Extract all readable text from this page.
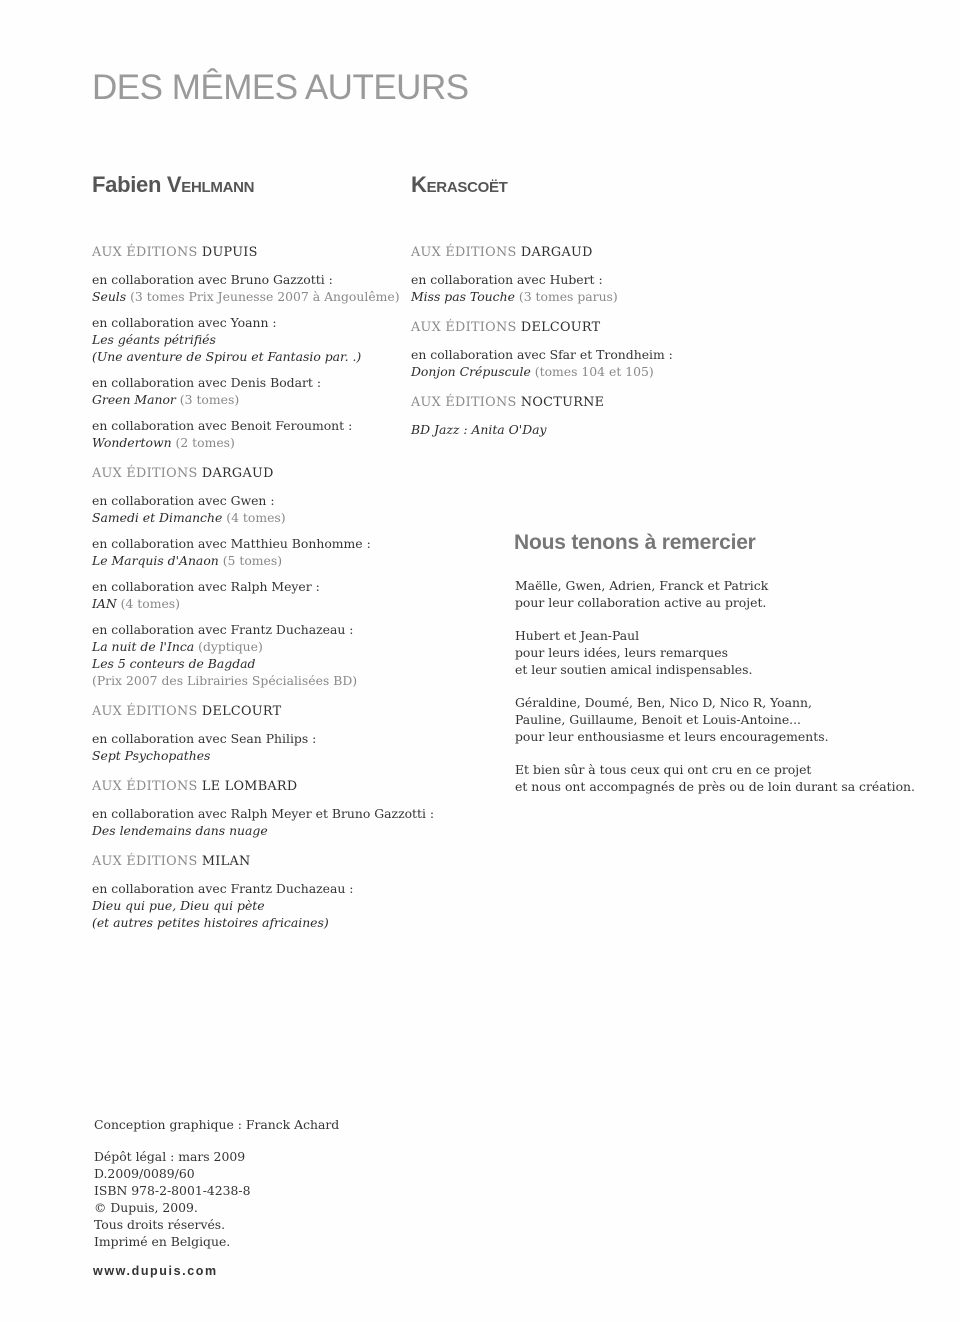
DES MÊMES AUTEURS
Fabien Vehlmann
AUX ÉDITIONS DUPUIS
en collaboration avec Bruno Gazzotti :
Seuls (3 tomes Prix Jeunesse 2007 à Angoulême)
en collaboration avec Yoann :
Les géants pétrifiés
(Une aventure de Spirou et Fantasio par. .)
en collaboration avec Denis Bodart :
Green Manor (3 tomes)
en collaboration avec Benoit Feroumont :
Wondertown (2 tomes)
AUX ÉDITIONS DARGAUD
en collaboration avec Gwen :
Samedi et Dimanche (4 tomes)
en collaboration avec Matthieu Bonhomme :
Le Marquis d'Anaon (5 tomes)
en collaboration avec Ralph Meyer :
IAN (4 tomes)
en collaboration avec Frantz Duchazeau :
La nuit de l'Inca (dyptique)
Les 5 conteurs de Bagdad
(Prix 2007 des Librairies Spécialisées BD)
AUX ÉDITIONS DELCOURT
en collaboration avec Sean Philips :
Sept Psychopathes
AUX ÉDITIONS LE LOMBARD
en collaboration avec Ralph Meyer et Bruno Gazzotti :
Des lendemains dans nuage
AUX ÉDITIONS MILAN
en collaboration avec Frantz Duchazeau :
Dieu qui pue, Dieu qui pète
(et autres petites histoires africaines)
Kerascoët
AUX ÉDITIONS DARGAUD
en collaboration avec Hubert :
Miss pas Touche (3 tomes parus)
AUX ÉDITIONS DELCOURT
en collaboration avec Sfar et Trondheim :
Donjon Crépuscule (tomes 104 et 105)
AUX ÉDITIONS NOCTURNE
BD Jazz : Anita O'Day
Nous tenons à remercier

Maëlle, Gwen, Adrien, Franck et Patrick
pour leur collaboration active au projet.

Hubert et Jean-Paul
pour leurs idées, leurs remarques
et leur soutien amical indispensables.

Géraldine, Doumé, Ben, Nico D, Nico R, Yoann,
Pauline, Guillaume, Benoit et Louis-Antoine...
pour leur enthousiasme et leurs encouragements.

Et bien sûr à tous ceux qui ont cru en ce projet
et nous ont accompagnés de près ou de loin durant sa création.

Conception graphique : Franck Achard

Dépôt légal : mars 2009
D.2009/0089/60
ISBN 978-2-8001-4238-8
© Dupuis, 2009.
Tous droits réservés.
Imprimé en Belgique.

www.dupuis.com
